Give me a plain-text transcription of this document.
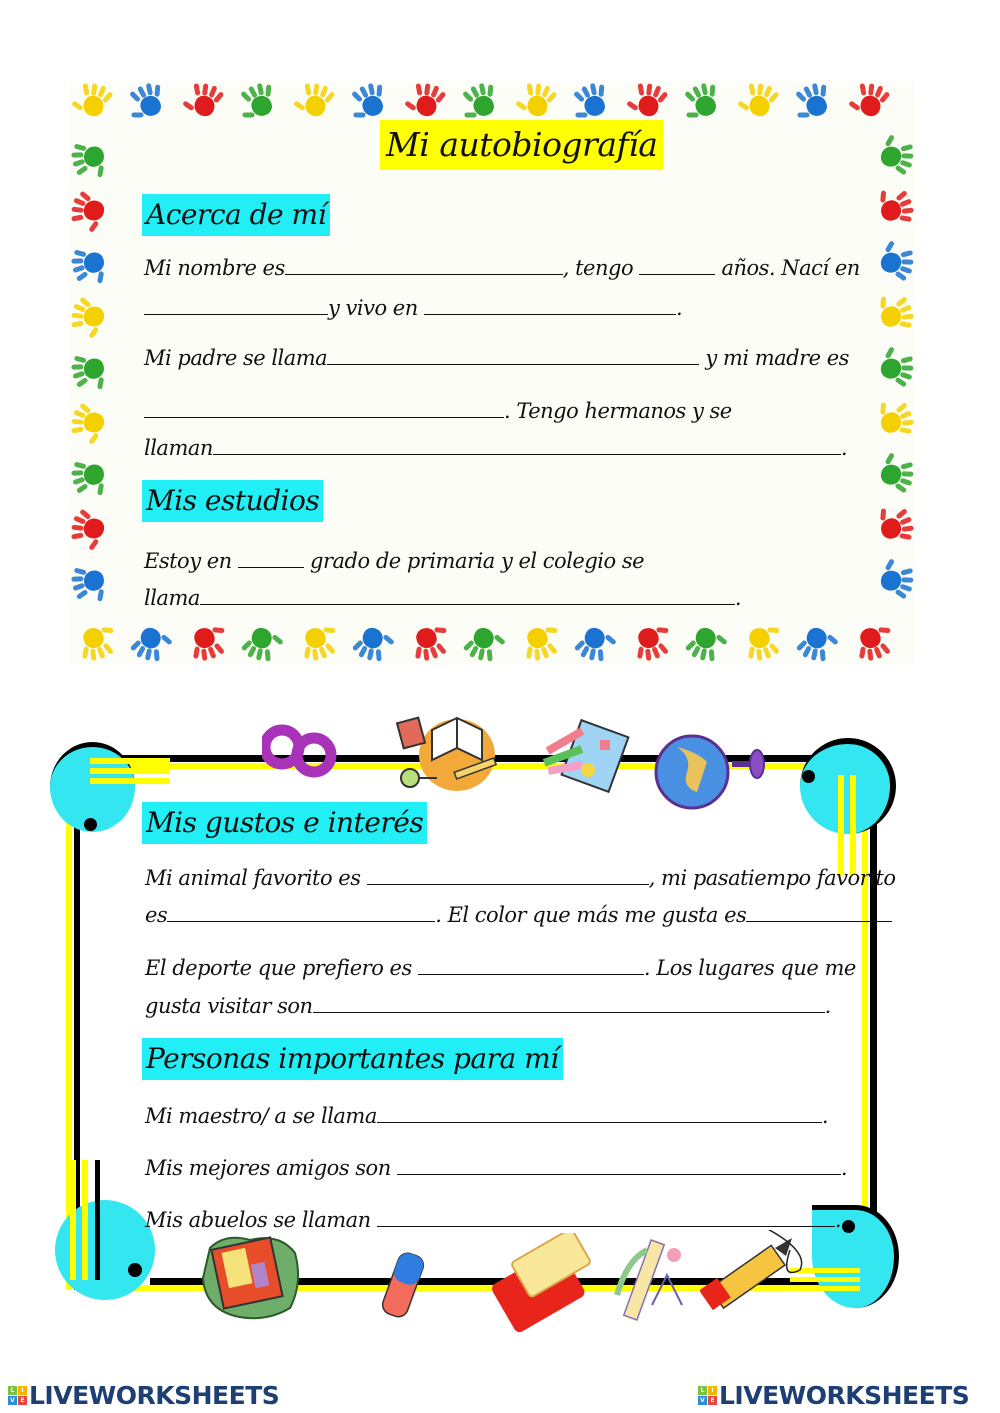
Mi autobiografía
Acerca de mí
Mi nombre es	, tengo	años. Nací en
y vivo en	.
Mi padre se llama	y mi madre es
. Tengo hermanos y se
llaman	.
Mis estudios
Estoy en	grado de primaria y el colegio se
llama	.
Mis gustos e interés
Mi animal favorito es	, mi pasatiempo favorito
es	. El color que más me gusta es
El deporte que prefiero es	. Los lugares que me
gusta visitar son	.
Personas importantes para mí
Mi maestro/ a se llama	.
Mis mejores amigos son	.
Mis abuelos se llaman	.
L	I
V E LIVEWORKSHEETS	L	I
V E LIVEWORKSHEETS
